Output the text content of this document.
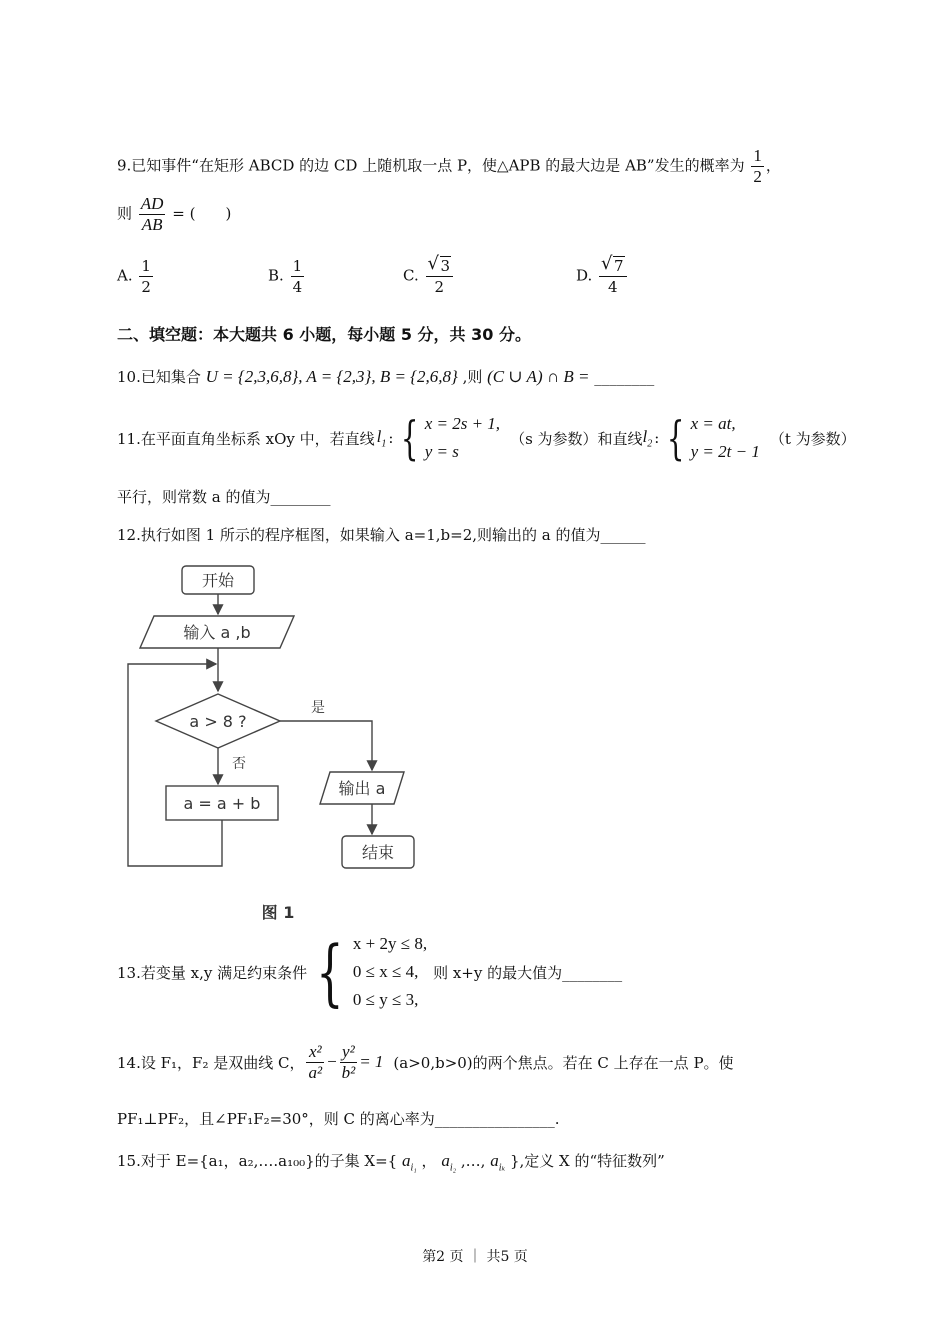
9.已知事件“在矩形 ABCD 的边 CD 上随机取一点 P，使△APB 的最大边是 AB”发生的概率为 $\frac{1}{2}$ ，
则 $\frac{AD}{AB}$ = (　　)
A. $\frac{1}{2}$	B. $\frac{1}{4}$	C. √ $\frac{3}{2}$	D. √ $\frac{7}{4}$
二、填空题：本大题共 6 小题，每小题 5 分，共 30 分。
10.已知集合 U = {2,3,6,8}, A = {2,3}, B = {2,6,8} ,则 (C ∪ A) ∩ B = ________
11.在平面直角坐标系 xOy 中，若直线 $l_1$ : { x = 2s + 1,
y = s
（s 为参数）和直线 $l_2$ : { x = at,
y = 2t − 1
（t 为参数）
平行，则常数 a 的值为________
12.执行如图 1 所示的程序框图，如果输入 a=1,b=2,则输出的 a 的值为______
开始
输入 a ,b
a > 8 ?
是
否
a = a + b
输出 a
结束
图 1
13.若变量 x,y 满足约束条件 { x + 2y ≤ 8,
0 ≤ x ≤ 4,
0 ≤ y ≤ 3,
则 x+y 的最大值为________
14.设 F₁，F₂ 是双曲线 C， $\frac{\text{x²}}{\text{a²}} - \frac{\text{y²}}{\text{b²}} = 1$ (a>0,b>0)的两个焦点。若在 C 上存在一点 P。使
PF₁⊥PF₂，且∠PF₁F₂=30°，则 C 的离心率为________________.
15.对于 E={a₁，a₂,….a₁₀₀}的子集 X={ $a_{i_1}$ ， $a_{i_2}$ ,…, $a_{i_k}$ },定义 X 的“特征数列”
第2 页 ｜ 共5 页
